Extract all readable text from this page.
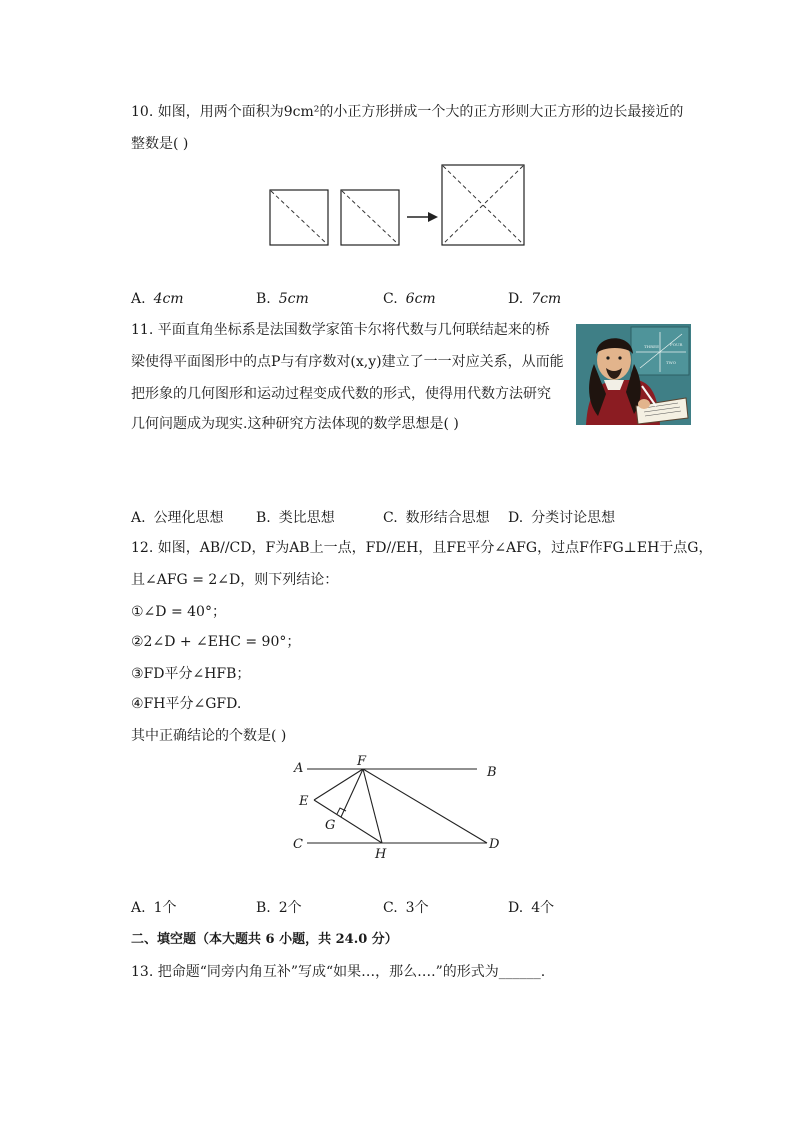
10. 如图，用两个面积为9cm²的小正方形拼成一个大的正方形则大正方形的边长最接近的
整数是( )
A. 4cm	B. 5cm	C. 6cm	D. 7cm
11. 平面直角坐标系是法国数学家笛卡尔将代数与几何联结起来的桥
梁使得平面图形中的点P与有序数对(x,y)建立了一一对应关系，从而能
把形象的几何图形和运动过程变成代数的形式，使得用代数方法研究
几何问题成为现实.这种研究方法体现的数学思想是( )
THREE
TWO
FOUR
A. 公理化思想 B. 类比思想	C. 数形结合思想 D. 分类讨论思想
12. 如图，AB//CD，F为AB上一点，FD//EH，且FE平分∠AFG，过点F作FG⊥EH于点G，
且∠AFG = 2∠D，则下列结论：
①∠D = 40°；
②2∠D + ∠EHC = 90°；
③FD平分∠HFB；
④FH平分∠GFD.
其中正确结论的个数是( )
A	F
B
E
G
C
H
D
A. 1个	B. 2个	C. 3个	D. 4个
二、填空题（本大题共 6 小题，共 24.0 分）
13. 把命题“同旁内角互补”写成“如果…，那么….”的形式为______.
